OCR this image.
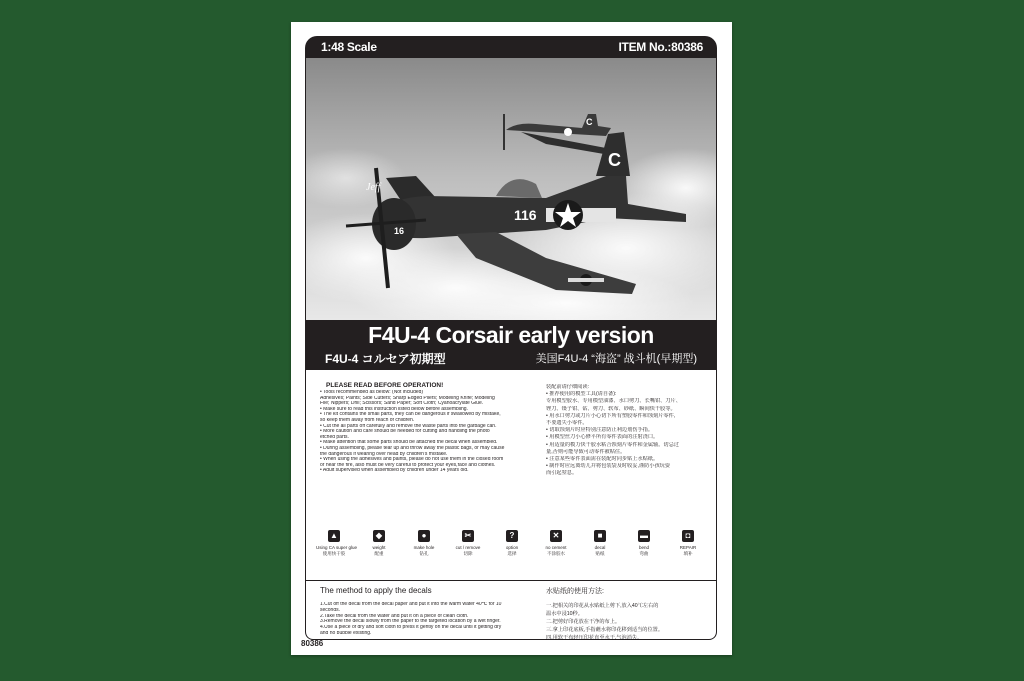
1:48 Scale	ITEM No.:80386
C
116
16
Jeff
C
F4U-4 Corsair early version
F4U-4 コルセア初期型	美国F4U-4 “海盗” 战斗机(早期型)
PLEASE READ BEFORE OPERATION!
• Tools recommended as below: (Not included)
Adhesives; Paints; Side Cutters; Sharp Edged Pliers; Modeling Knife; Modeling
File; Nippers; Drill; Scissors; Sand Paper; Soft Cloth; Cyanoacrylate Glue.
• Make sure to read this instruction listed below before assembling.
• The kit contains the small parts, they can be dangerous if swallowed by mistake,
so keep them away from reach of children.
• Cut the all parts off carefully and remove the waste parts into the garbage can.
• More caution and care should be needed for cutting and handling the photo
etched parts.
• Make attention that some parts should be attached the decal when assembled.
• During assembling, please tear up and throw away the plastic bags, or may cause
the dangerous if wearing over head by children's mistake.
• When using the adhesives and paints, please do not use them in the closed room
or near the fire, also must be very careful to protect your eyes,face and clothes.
• Adult supervised when assembled by children under 14 years old.
装配前请仔细阅读:
• 推荐使用的模型工具(请自备):
专用模型胶水、专用模型油漆、水口剪刀、长嘴钳、刀片、
锉刀、镊子钳、钻、剪刀、软布、砂纸、瞬间快干胶等。
• 用水口剪刀或刀片小心切下所有塑胶零件和蚀刻片零件,
不要遗失小零件。
• 切取蚀刻片时应特别注意防止利边划伤手指。
• 用模型丝刀小心修平所有零件表面的注射浇口。
• 用适量的模力快干胶水粘合蚀刻片零件和金属轴。切忌过
量,否则可能导致可动零件被粘住。
• 注意某些零件表面需在装配时同步贴上水贴纸。
• 制作时应远离幼儿并将包装袋及时收妥,谨防小孩玩耍
而引起窒息。
▲
Using CA super glue
使用快干胶
◆
weight
配重
●
make hole
钻孔
✂
cut / remove
切除
?
option
选择
✕
no cement
不涂胶水
■
decal
贴纸
▬
bend
弯曲
◘
REPAIR
填补
The method to apply the decals	水贴纸的使用方法:
1.Cut off the decal from the decal paper and put it into the warm water 40℃ for 10
seconds.
2.Take the decal from the water and put it on a piece of clean cloth.
3.Remove the decal slowly from the paper to the targeted location by a wet finger.
4.Use a piece of dry and soft cloth to press it gently on the decal until it getting dry
and no bubble existing.
一.把相关的印花从水贴纸上剪下,放入40℃左右的
温水中浸10秒。
二.把剪好印花放在干净的布上。
三.拿上印花底板,手指蘸水将印花移到适当的位置。
四.用软干布轻压印花直至水干,气泡消失。
80386
